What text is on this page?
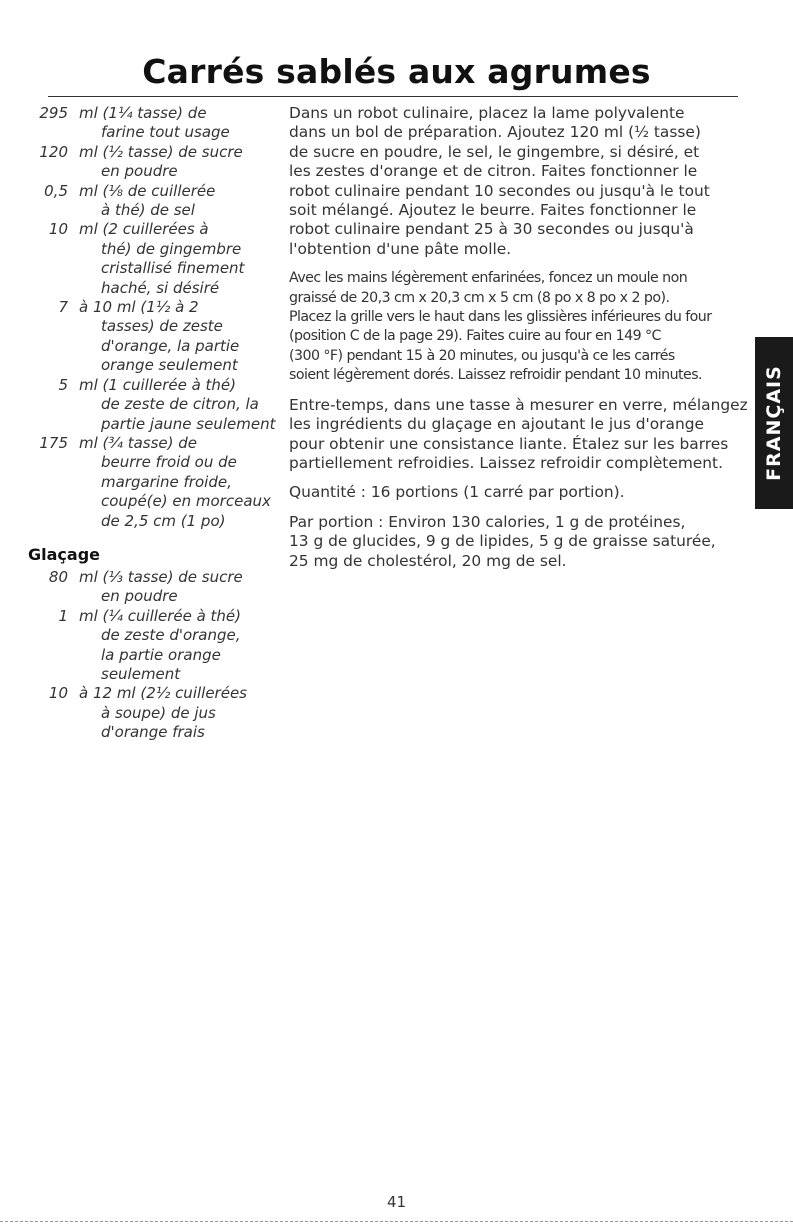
Carrés sablés aux agrumes
295 ml (1¼ tasse) de
farine tout usage
120 ml (½ tasse) de sucre
en poudre
0,5 ml (⅛ de cuillerée
à thé) de sel
10 ml (2 cuillerées à
thé) de gingembre
cristallisé finement
haché, si désiré
7 à 10 ml (1½ à 2
tasses) de zeste
d'orange, la partie
orange seulement
5 ml (1 cuillerée à thé)
de zeste de citron, la
partie jaune seulement
175 ml (¾ tasse) de
beurre froid ou de
margarine froide,
coupé(e) en morceaux
de 2,5 cm (1 po)
Glaçage
80 ml (⅓ tasse) de sucre
en poudre
1 ml (¼ cuillerée à thé)
de zeste d'orange,
la partie orange
seulement
10 à 12 ml (2½ cuillerées
à soupe) de jus
d'orange frais

Dans un robot culinaire, placez la lame polyvalente
dans un bol de préparation. Ajoutez 120 ml (½ tasse)
de sucre en poudre, le sel, le gingembre, si désiré, et
les zestes d'orange et de citron. Faites fonctionner le
robot culinaire pendant 10 secondes ou jusqu'à le tout
soit mélangé. Ajoutez le beurre. Faites fonctionner le
robot culinaire pendant 25 à 30 secondes ou jusqu'à
l'obtention d'une pâte molle.

Avec les mains légèrement enfarinées, foncez un moule non
graissé de 20,3 cm x 20,3 cm x 5 cm (8 po x 8 po x 2 po).
Placez la grille vers le haut dans les glissières inférieures du four
(position C de la page 29). Faites cuire au four en 149 °C
(300 °F) pendant 15 à 20 minutes, ou jusqu'à ce les carrés
soient légèrement dorés. Laissez refroidir pendant 10 minutes.

Entre-temps, dans une tasse à mesurer en verre, mélangez
les ingrédients du glaçage en ajoutant le jus d'orange
pour obtenir une consistance liante. Étalez sur les barres
partiellement refroidies. Laissez refroidir complètement.

Quantité : 16 portions (1 carré par portion).

Par portion : Environ 130 calories, 1 g de protéines,
13 g de glucides, 9 g de lipides, 5 g de graisse saturée,
25 mg de cholestérol, 20 mg de sel.

FRANÇAIS
41
